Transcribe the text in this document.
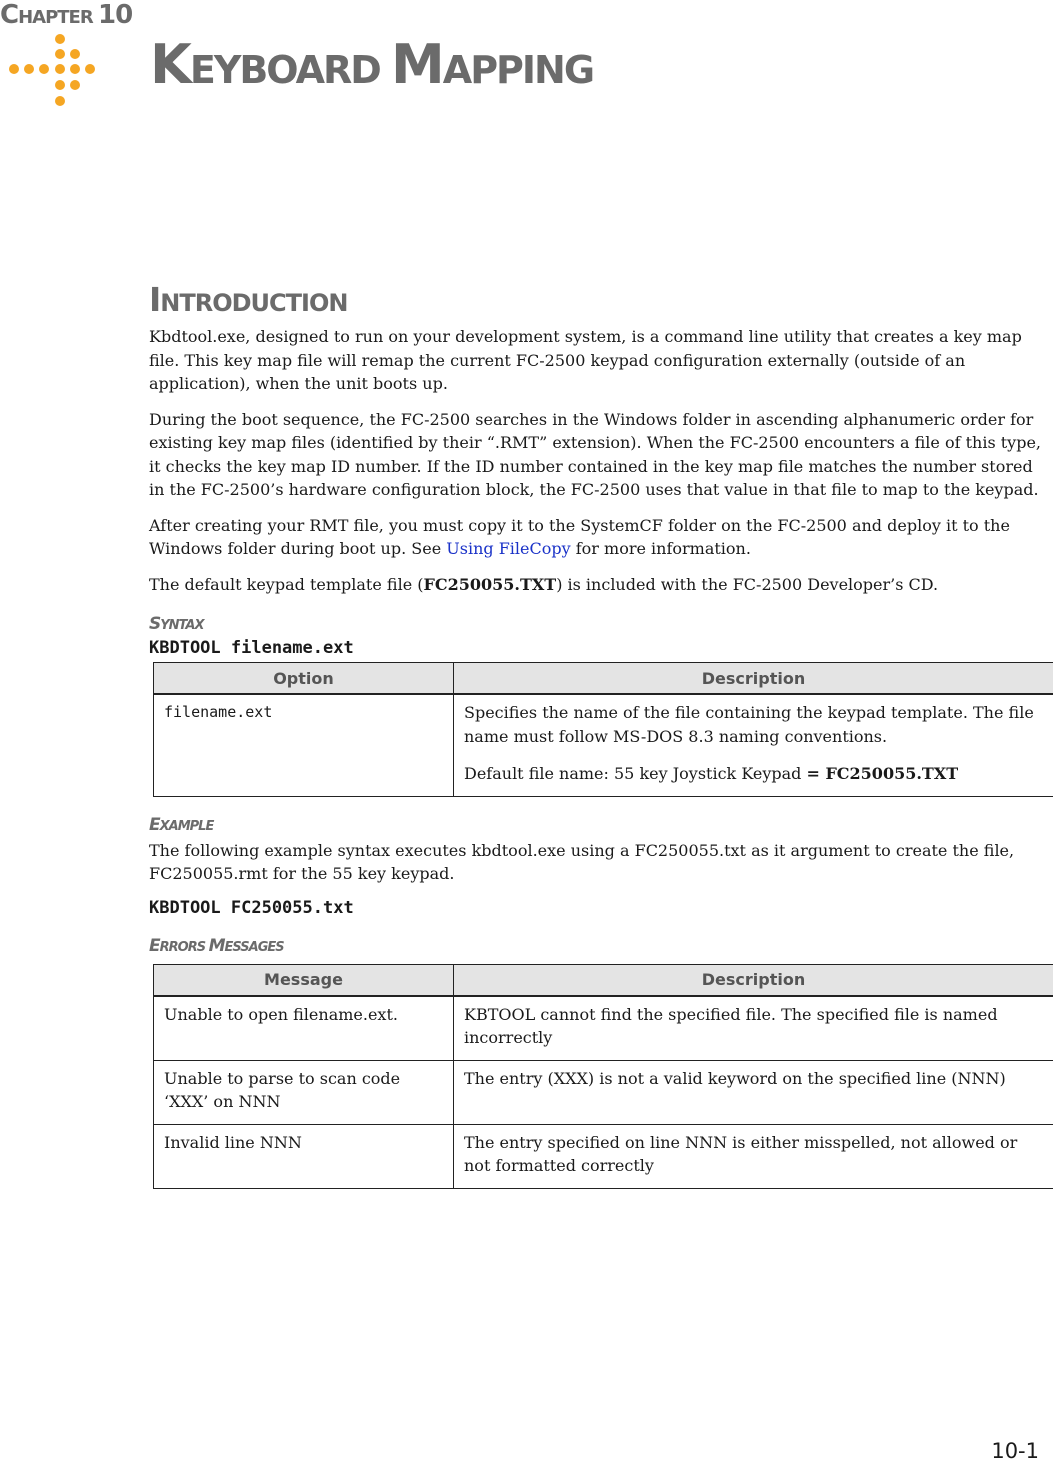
CHAPTER 10
KEYBOARD MAPPING
INTRODUCTION

Kbdtool.exe, designed to run on your development system, is a command line utility that creates a key map file. This key map file will remap the current FC-2500 keypad configuration externally (outside of an application), when the unit boots up.

During the boot sequence, the FC-2500 searches in the Windows folder in ascending alphanumeric order for existing key map files (identified by their “.RMT” extension). When the FC-2500 encounters a file of this type, it checks the key map ID number. If the ID number contained in the key map file matches the number stored in the FC-2500’s hardware configuration block, the FC-2500 uses that value in that file to map to the keypad.

After creating your RMT file, you must copy it to the SystemCF folder on the FC-2500 and deploy it to the Windows folder during boot up. See Using FileCopy for more information.

The default keypad template file (FC250055.TXT) is included with the FC-2500 Developer’s CD.

SYNTAX
KBDTOOL filename.ext
Option	Description
filename.ext	Specifies the name of the file containing the keypad template. The file name must follow MS-DOS 8.3 naming conventions.

Default file name: 55 key Joystick Keypad = FC250055.TXT

EXAMPLE

The following example syntax executes kbdtool.exe using a FC250055.txt as it argument to create the file, FC250055.rmt for the 55 key keypad.

KBDTOOL FC250055.txt
ERRORS MESSAGES
Message	Description
Unable to open filename.ext.	KBTOOL cannot find the specified file. The specified file is named incorrectly
Unable to parse to scan code ‘XXX’ on NNN	The entry (XXX) is not a valid keyword on the specified line (NNN)
Invalid line NNN	The entry specified on line NNN is either misspelled, not allowed or not formatted correctly
10-1
